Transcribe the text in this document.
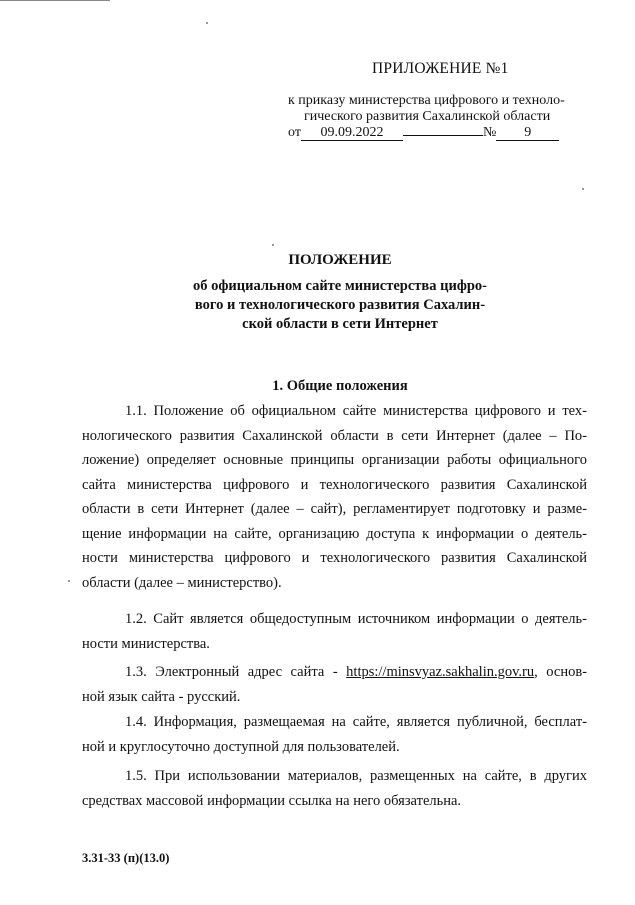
ПРИЛОЖЕНИЕ №1
к приказу министерства цифрового и техноло-
гического развития Сахалинской области
от 09.09.2022	№ 9
ПОЛОЖЕНИЕ
об официальном сайте министерства цифро-
вого и технологического развития Сахалин-
ской области в сети Интернет
1. Общие положения
1.1. Положение об официальном сайте министерства цифрового и тех-
нологического развития Сахалинской области в сети Интернет (далее – По-
ложение) определяет основные принципы организации работы официального
сайта министерства цифрового и технологического развития Сахалинской
области в сети Интернет (далее – сайт), регламентирует подготовку и разме-
щение информации на сайте, организацию доступа к информации о деятель-
ности министерства цифрового и технологического развития Сахалинской
области (далее – министерство).
1.2. Сайт является общедоступным источником информации о деятель-
ности министерства.
1.3. Электронный адрес сайта - https://minsvyaz.sakhalin.gov.ru, основ-
ной язык сайта - русский.
1.4. Информация, размещаемая на сайте, является публичной, бесплат-
ной и круглосуточно доступной для пользователей.
1.5. При использовании материалов, размещенных на сайте, в других
средствах массовой информации ссылка на него обязательна.
3.31-33 (п)(13.0)
